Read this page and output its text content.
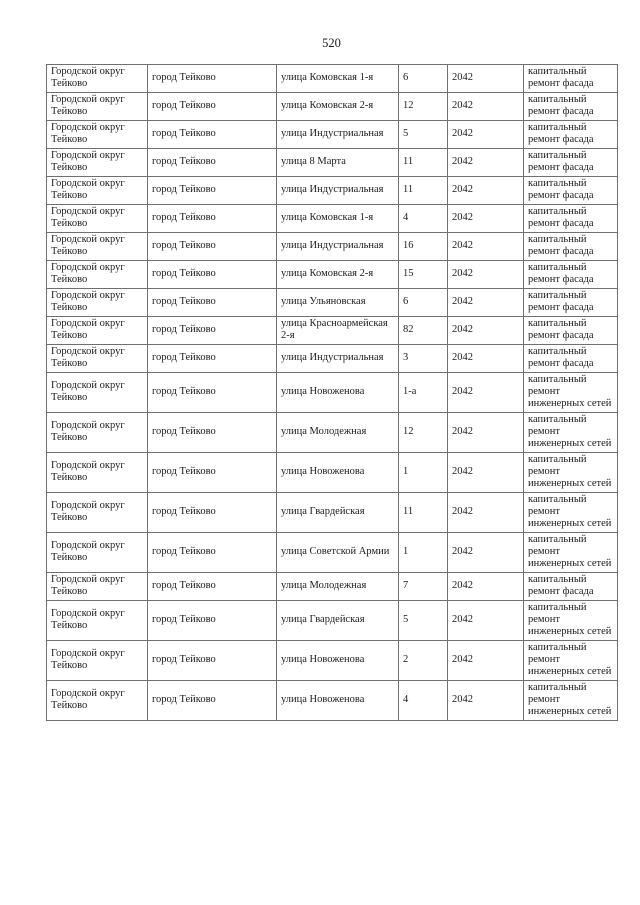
520
Городской округ Тейково	город Тейково	улица Комовская 1-я	6	2042	капитальный ремонт фасада
Городской округ Тейково	город Тейково	улица Комовская 2-я	12	2042	капитальный ремонт фасада
Городской округ Тейково	город Тейково	улица Индустриальная	5	2042	капитальный ремонт фасада
Городской округ Тейково	город Тейково	улица 8 Марта	11	2042	капитальный ремонт фасада
Городской округ Тейково	город Тейково	улица Индустриальная	11	2042	капитальный ремонт фасада
Городской округ Тейково	город Тейково	улица Комовская 1-я	4	2042	капитальный ремонт фасада
Городской округ Тейково	город Тейково	улица Индустриальная	16	2042	капитальный ремонт фасада
Городской округ Тейково	город Тейково	улица Комовская 2-я	15	2042	капитальный ремонт фасада
Городской округ Тейково	город Тейково	улица Ульяновская	6	2042	капитальный ремонт фасада
Городской округ Тейково	город Тейково	улица Красноармейская 2-я	82	2042	капитальный ремонт фасада
Городской округ Тейково	город Тейково	улица Индустриальная	3	2042	капитальный ремонт фасада
Городской округ Тейково	город Тейково	улица Новоженова	1-а	2042	капитальный ремонт инженерных сетей
Городской округ Тейково	город Тейково	улица Молодежная	12	2042	капитальный ремонт инженерных сетей
Городской округ Тейково	город Тейково	улица Новоженова	1	2042	капитальный ремонт инженерных сетей
Городской округ Тейково	город Тейково	улица Гвардейская	11	2042	капитальный ремонт инженерных сетей
Городской округ Тейково	город Тейково	улица Советской Армии	1	2042	капитальный ремонт инженерных сетей
Городской округ Тейково	город Тейково	улица Молодежная	7	2042	капитальный ремонт фасада
Городской округ Тейково	город Тейково	улица Гвардейская	5	2042	капитальный ремонт инженерных сетей
Городской округ Тейково	город Тейково	улица Новоженова	2	2042	капитальный ремонт инженерных сетей
Городской округ Тейково	город Тейково	улица Новоженова	4	2042	капитальный ремонт инженерных сетей
